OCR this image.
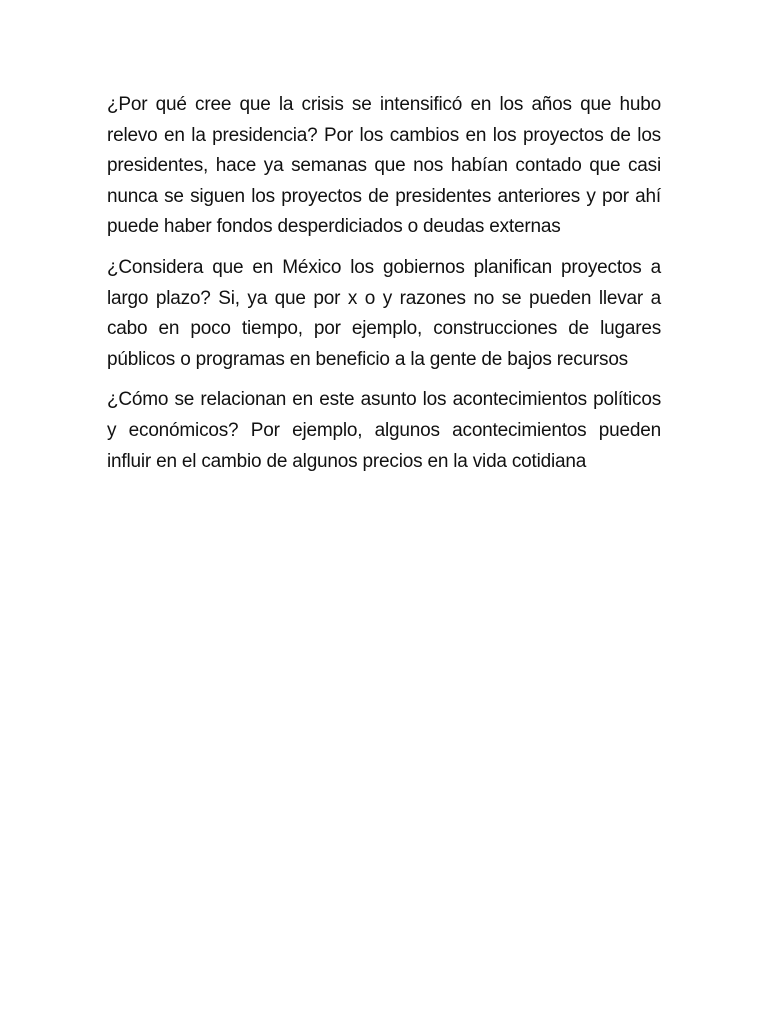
¿Por qué cree que la crisis se intensificó en los años que hubo relevo en la presidencia? Por los cambios en los proyectos de los presidentes, hace ya semanas que nos habían contado que casi nunca se siguen los proyectos de presidentes anteriores y por ahí puede haber fondos desperdiciados o deudas externas

¿Considera que en México los gobiernos planifican proyectos a largo plazo? Si, ya que por x o y razones no se pueden llevar a cabo en poco tiempo, por ejemplo, construcciones de lugares públicos o programas en beneficio a la gente de bajos recursos

¿Cómo se relacionan en este asunto los acontecimientos políticos y económicos? Por ejemplo, algunos acontecimientos pueden influir en el cambio de algunos precios en la vida cotidiana
